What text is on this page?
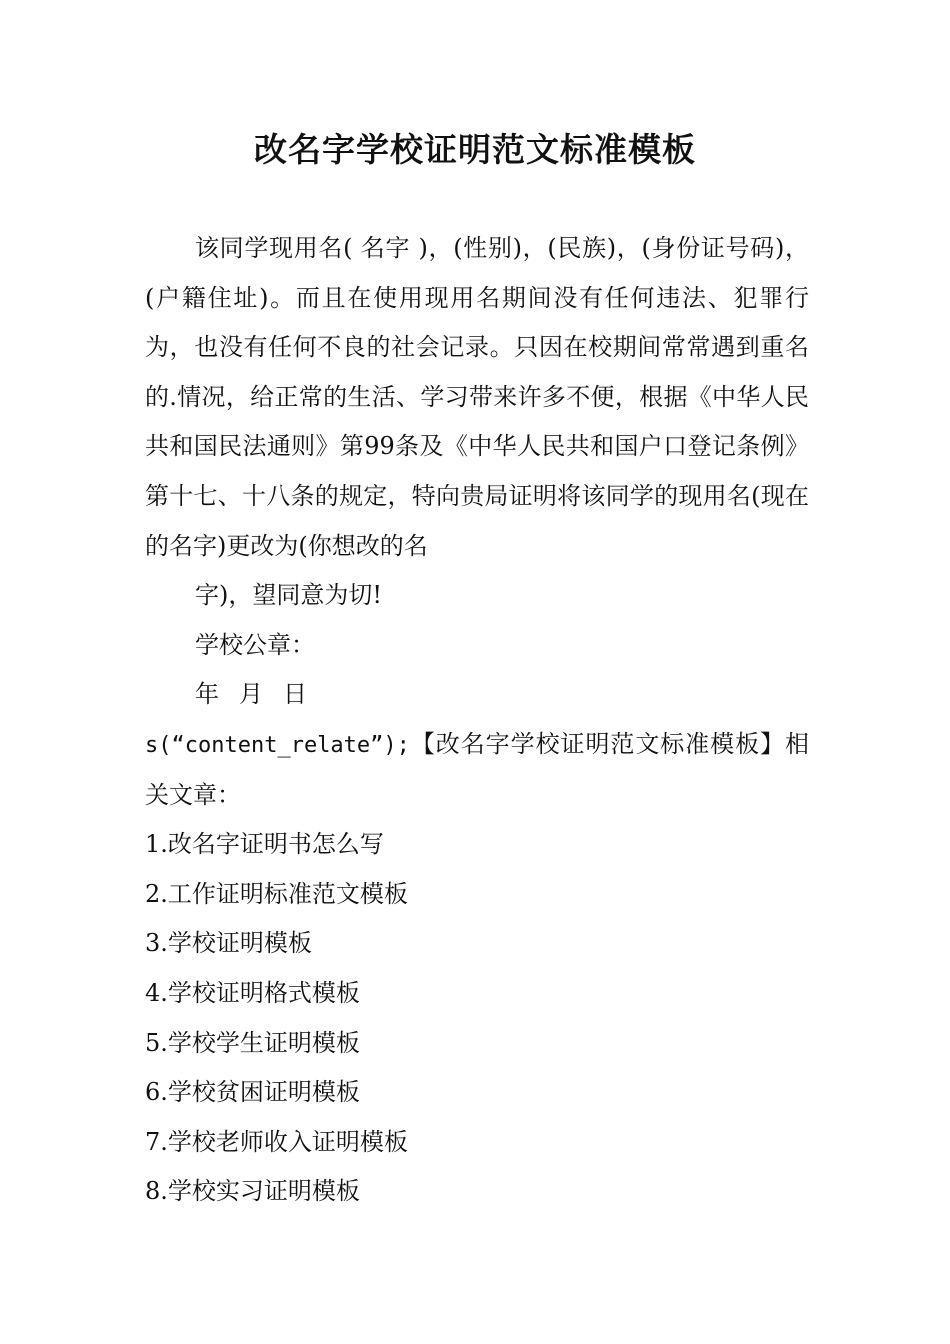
改名字学校证明范文标准模板

该同学现用名( 名字 )，(性别)，(民族)，(身份证号码)，(户籍住址)。而且在使用现用名期间没有任何违法、犯罪行为，也没有任何不良的社会记录。只因在校期间常常遇到重名的.情况，给正常的生活、学习带来许多不便，根据《中华人民共和国民法通则》第99条及《中华人民共和国户口登记条例》第十七、十八条的规定，特向贵局证明将该同学的现用名(现在的名字)更改为(你想改的名

字)，望同意为切!

学校公章：

年 月 日

s(“content_relate”);【改名字学校证明范文标准模板】相关文章：

1.改名字证明书怎么写

2.工作证明标准范文模板

3.学校证明模板

4.学校证明格式模板

5.学校学生证明模板

6.学校贫困证明模板

7.学校老师收入证明模板

8.学校实习证明模板
